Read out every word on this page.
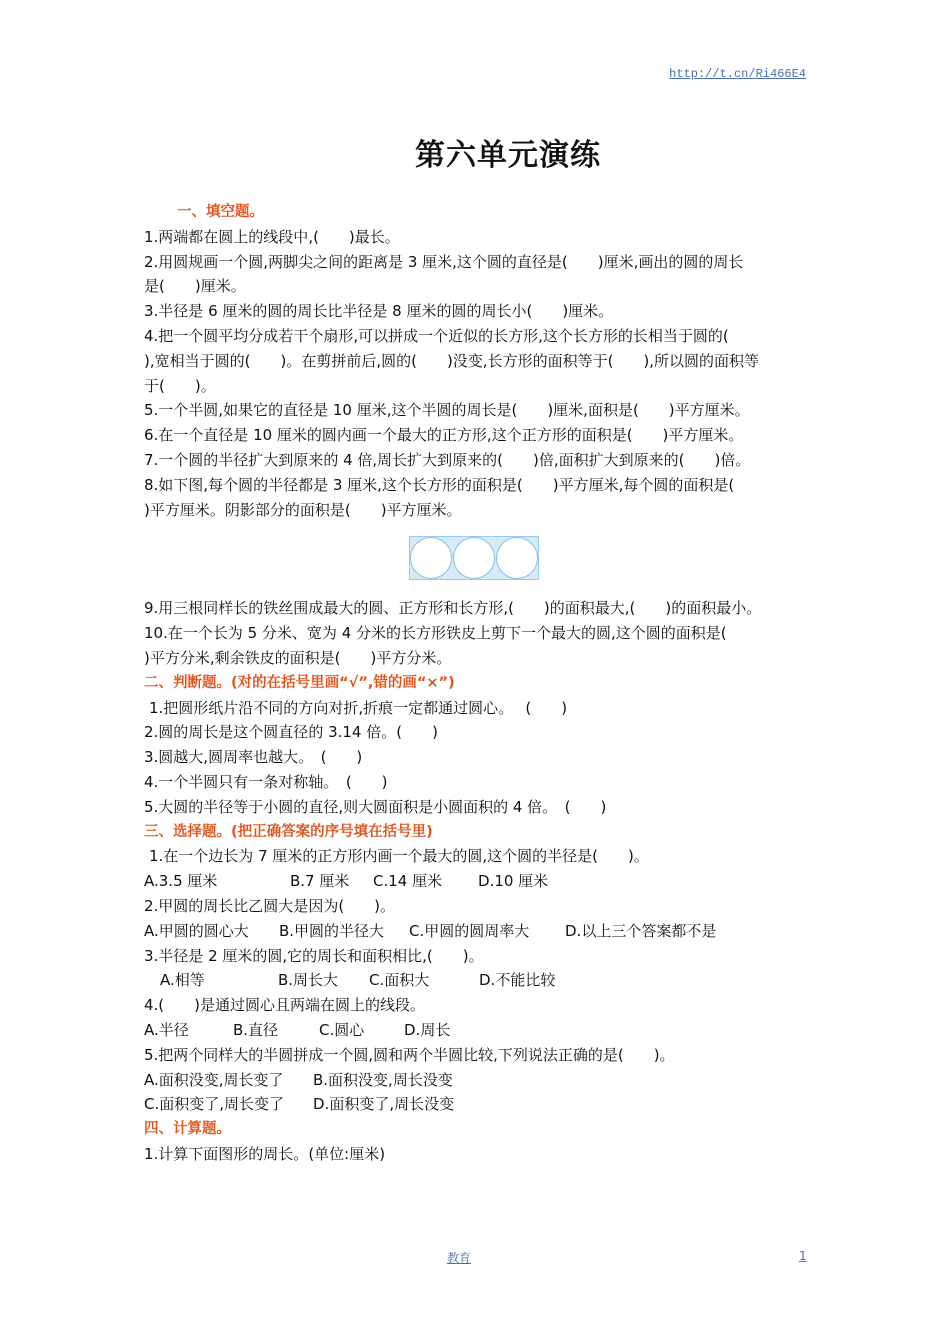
http://t.cn/Ri466E4
第六单元演练
一、填空题。
1.两端都在圆上的线段中,(　　)最长。
2.用圆规画一个圆,两脚尖之间的距离是 3 厘米,这个圆的直径是(　　)厘米,画出的圆的周长
是(　　)厘米。
3.半径是 6 厘米的圆的周长比半径是 8 厘米的圆的周长小(　　)厘米。
4.把一个圆平均分成若干个扇形,可以拼成一个近似的长方形,这个长方形的长相当于圆的(
),宽相当于圆的(　　)。在剪拼前后,圆的(　　)没变,长方形的面积等于(　　),所以圆的面积等
于(　　)。
5.一个半圆,如果它的直径是 10 厘米,这个半圆的周长是(　　)厘米,面积是(　　)平方厘米。
6.在一个直径是 10 厘米的圆内画一个最大的正方形,这个正方形的面积是(　　)平方厘米。
7.一个圆的半径扩大到原来的 4 倍,周长扩大到原来的(　　)倍,面积扩大到原来的(　　)倍。
8.如下图,每个圆的半径都是 3 厘米,这个长方形的面积是(　　)平方厘米,每个圆的面积是(
)平方厘米。阴影部分的面积是(　　)平方厘米。
9.用三根同样长的铁丝围成最大的圆、正方形和长方形,(　　)的面积最大,(　　)的面积最小。
10.在一个长为 5 分米、宽为 4 分米的长方形铁皮上剪下一个最大的圆,这个圆的面积是(
)平方分米,剩余铁皮的面积是(　　)平方分米。
二、判断题。(对的在括号里画“√”,错的画“×”)
1.把圆形纸片沿不同的方向对折,折痕一定都通过圆心。　 (　　)
2.圆的周长是这个圆直径的 3.14 倍。(　　)
3.圆越大,圆周率也越大。　(　　)
4.一个半圆只有一条对称轴。　(　　)
5.大圆的半径等于小圆的直径,则大圆面积是小圆面积的 4 倍。　(　　)
三、选择题。(把正确答案的序号填在括号里)
1.在一个边长为 7 厘米的正方形内画一个最大的圆,这个圆的半径是(　　)。
A.3.5 厘米	B.7 厘米 C.14 厘米 D.10 厘米
2.甲圆的周长比乙圆大是因为(　　)。
A.甲圆的圆心大 B.甲圆的半径大 C.甲圆的圆周率大 D.以上三个答案都不是
3.半径是 2 厘米的圆,它的周长和面积相比,(　　)。
A.相等	B.周长大 C.面积大	D.不能比较
4.(　　)是通过圆心且两端在圆上的线段。
A.半径	B.直径	C.圆心	D.周长
5.把两个同样大的半圆拼成一个圆,圆和两个半圆比较,下列说法正确的是(　　)。
A.面积没变,周长变了 B.面积没变,周长没变
C.面积变了,周长变了 D.面积变了,周长没变
四、计算题。
1.计算下面图形的周长。(单位:厘米)
教育	1
